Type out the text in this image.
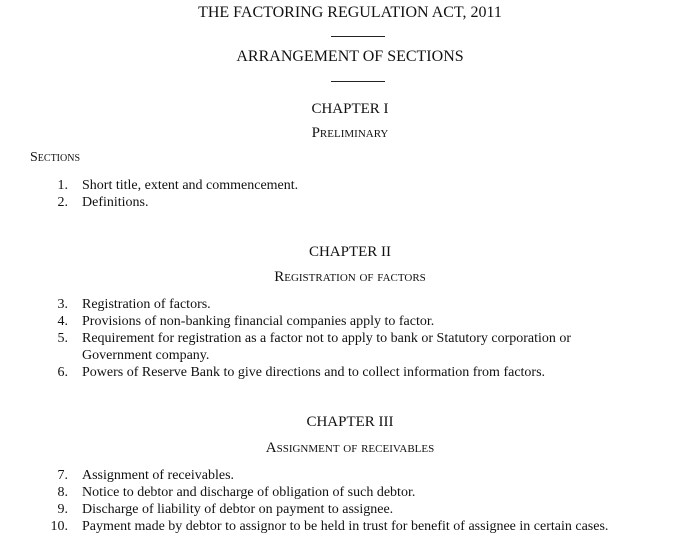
THE FACTORING REGULATION ACT, 2011
ARRANGEMENT OF SECTIONS
CHAPTER I
Preliminary
Sections
1. Short title, extent and commencement.
2. Definitions.
CHAPTER II
Registration of factors
3. Registration of factors.
4. Provisions of non-banking financial companies apply to factor.
5. Requirement for registration as a factor not to apply to bank or Statutory corporation or Government company.
6. Powers of Reserve Bank to give directions and to collect information from factors.
CHAPTER III
Assignment of receivables
7. Assignment of receivables.
8. Notice to debtor and discharge of obligation of such debtor.
9. Discharge of liability of debtor on payment to assignee.
10. Payment made by debtor to assignor to be held in trust for benefit of assignee in certain cases.
